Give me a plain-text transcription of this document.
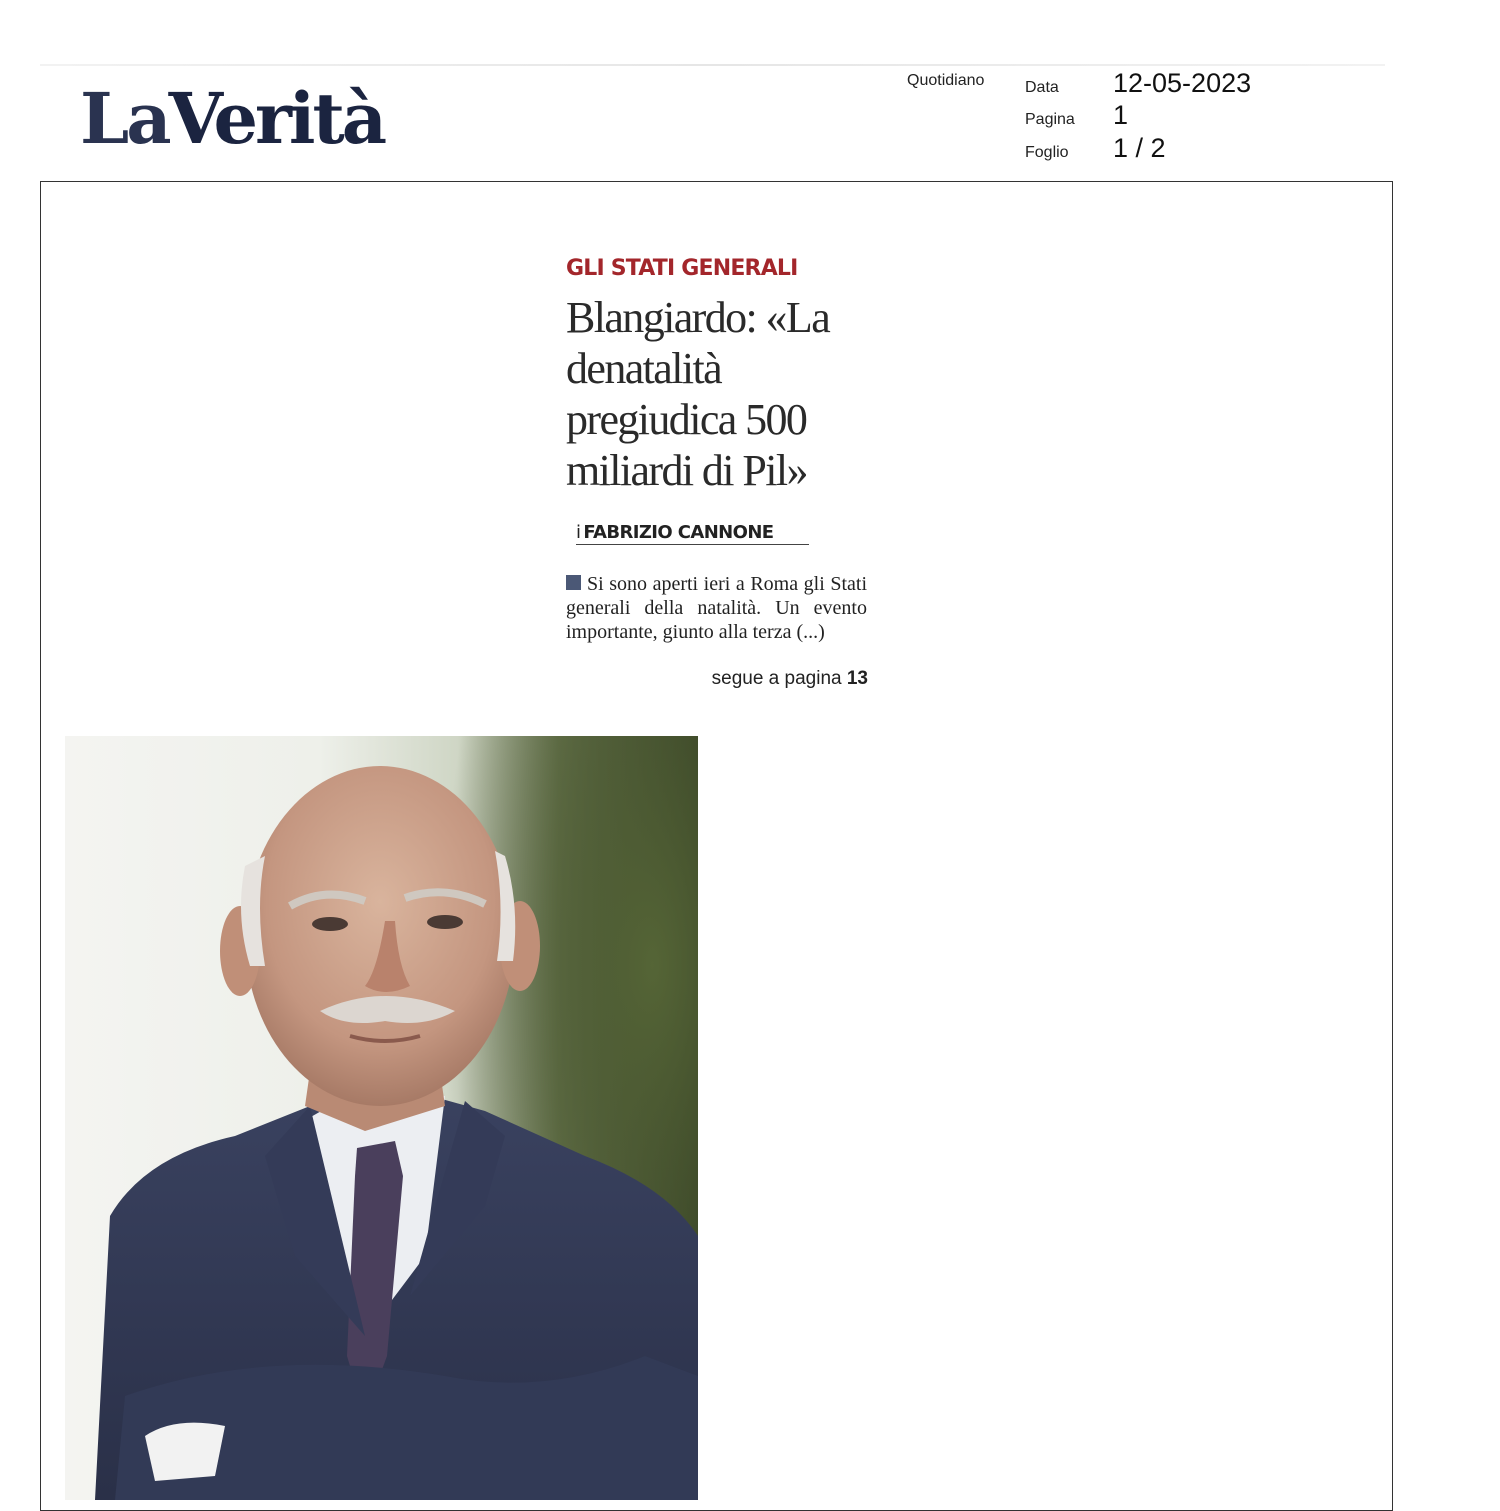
LaVerità	Quotidiano	Data	12-05-2023
Pagina	1
Foglio	1 / 2
GLI STATI GENERALI
Blangiardo: «La denatalità pregiudica 500 miliardi di Pil»
i FABRIZIO CANNONE

Si sono aperti ieri a Roma gli Stati generali della natalità. Un evento importante, giunto alla terza (...)

segue a pagina 13
